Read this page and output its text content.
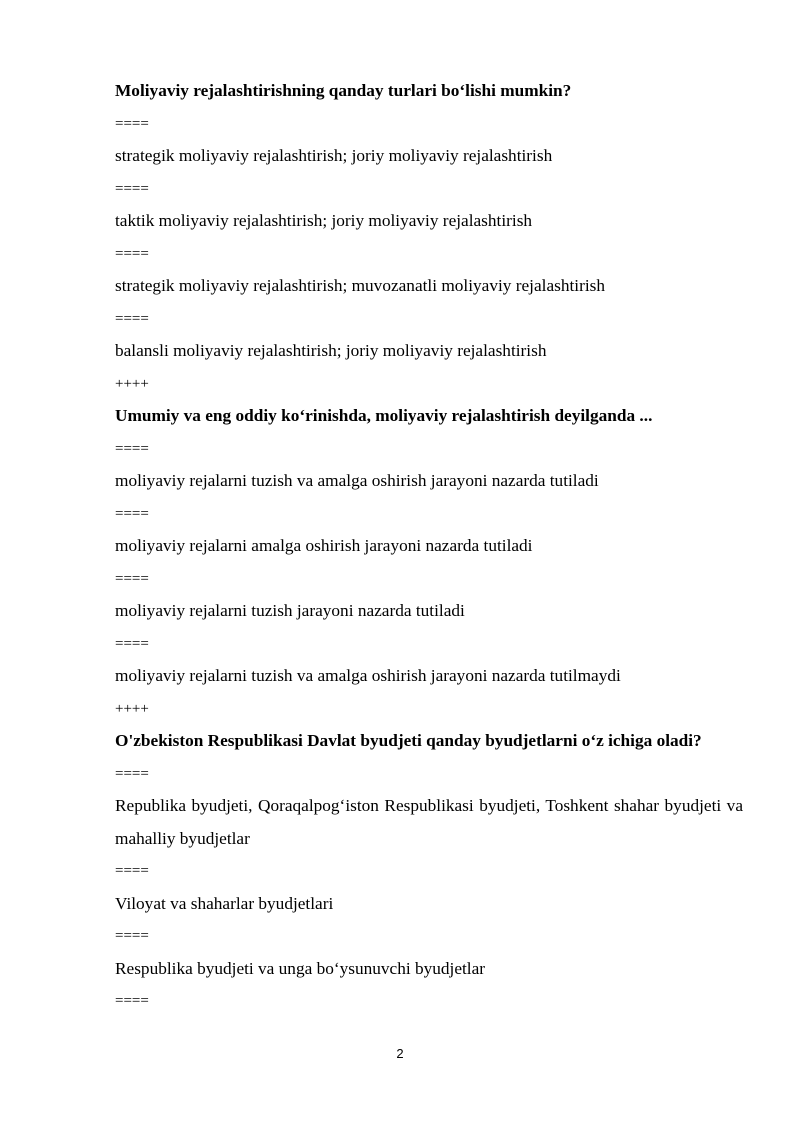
Moliyaviy rejalashtirishning qanday turlari bo‘lishi mumkin?
====
strategik moliyaviy rejalashtirish; joriy moliyaviy rejalashtirish
====
taktik moliyaviy rejalashtirish; joriy moliyaviy rejalashtirish
====
strategik moliyaviy rejalashtirish; muvozanatli moliyaviy rejalashtirish
====
balansli moliyaviy rejalashtirish; joriy moliyaviy rejalashtirish
++++
Umumiy va eng oddiy ko‘rinishda, moliyaviy rejalashtirish deyilganda ...
====
moliyaviy rejalarni tuzish va amalga oshirish jarayoni nazarda tutiladi
====
moliyaviy rejalarni amalga oshirish jarayoni nazarda tutiladi
====
moliyaviy rejalarni tuzish jarayoni nazarda tutiladi
====
moliyaviy rejalarni tuzish va amalga oshirish jarayoni nazarda tutilmaydi
++++
O'zbekiston Respublikasi Davlat byudjeti qanday byudjetlarni o‘z ichiga oladi?
====
Republika byudjeti, Qoraqalpog‘iston Respublikasi byudjeti, Toshkent shahar byudjeti va mahalliy byudjetlar
====
Viloyat va shaharlar byudjetlari
====
Respublika byudjeti va unga bo‘ysunuvchi byudjetlar
====
2
